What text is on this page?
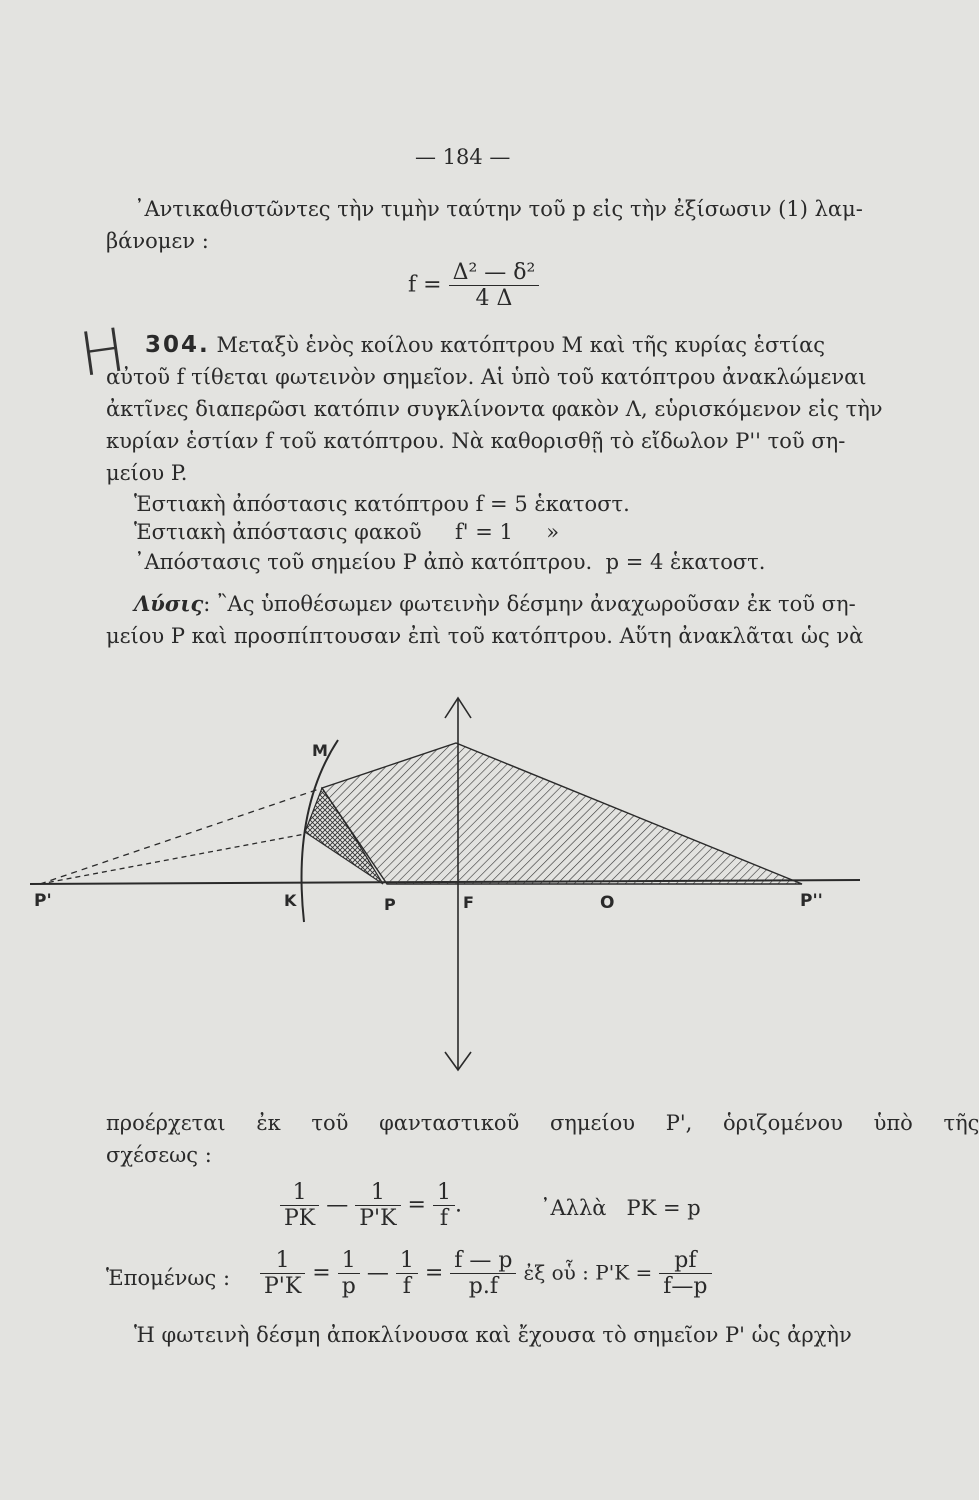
— 184 —
᾿Αντικαθιστῶντες τὴν τιμὴν ταύτην τοῦ p εἰς τὴν ἐξίσωσιν (1) λαμ-
βάνομεν :
$f = \frac{\text{Δ² — δ²}}{4 \Delta}$
H 304. Μεταξὺ ἑνὸς κοίλου κατόπτρου Μ καὶ τῆς κυρίας ἑστίας
αὐτοῦ f τίθεται φωτεινὸν σημεῖον. Αἱ ὑπὸ τοῦ κατόπτρου ἀνακλώμεναι
ἀκτῖνες διαπερῶσι κατόπιν συγκλίνοντα φακὸν Λ, εὑρισκόμενον εἰς τὴν
κυρίαν ἑστίαν f τοῦ κατόπτρου. Νὰ καθορισθῇ τὸ εἴδωλον P'' τοῦ ση-
μείου P.
Ἑστιακὴ ἀπόστασις κατόπτρου f = 5 ἑκατοστ.
Ἑστιακὴ ἀπόστασις φακοῦ     f' = 1     »
᾿Απόστασις τοῦ σημείου P ἀπὸ κατόπτρου.  p = 4 ἑκατοστ.
Λύσις: ῍Ας ὑποθέσωμεν φωτεινὴν δέσμην ἀναχωροῦσαν ἐκ τοῦ ση-
μείου P καὶ προσπίπτουσαν ἐπὶ τοῦ κατόπτρου. Αὕτη ἀνακλᾶται ὡς νὰ
P'
M
K	P	F	O	P''
προέρχεται ἐκ τοῦ φανταστικοῦ σημείου P', ὁριζομένου ὑπὸ τῆς
σχέσεως :
$\frac{1}{PK}$ — $\frac{1}{P'K} = \frac{1}{f}$ .	᾿Αλλὰ   PK = p
Ἑπομένως : $\frac{1}{P'K} = \frac{1}{p}$ — $\frac{1}{f} = \frac{f — p}{p.f}$ ἐξ οὗ : $P'K = \frac{pf}{f—p}$
Ἡ φωτεινὴ δέσμη ἀποκλίνουσα καὶ ἔχουσα τὸ σημεῖον P' ὡς ἀρχὴν
